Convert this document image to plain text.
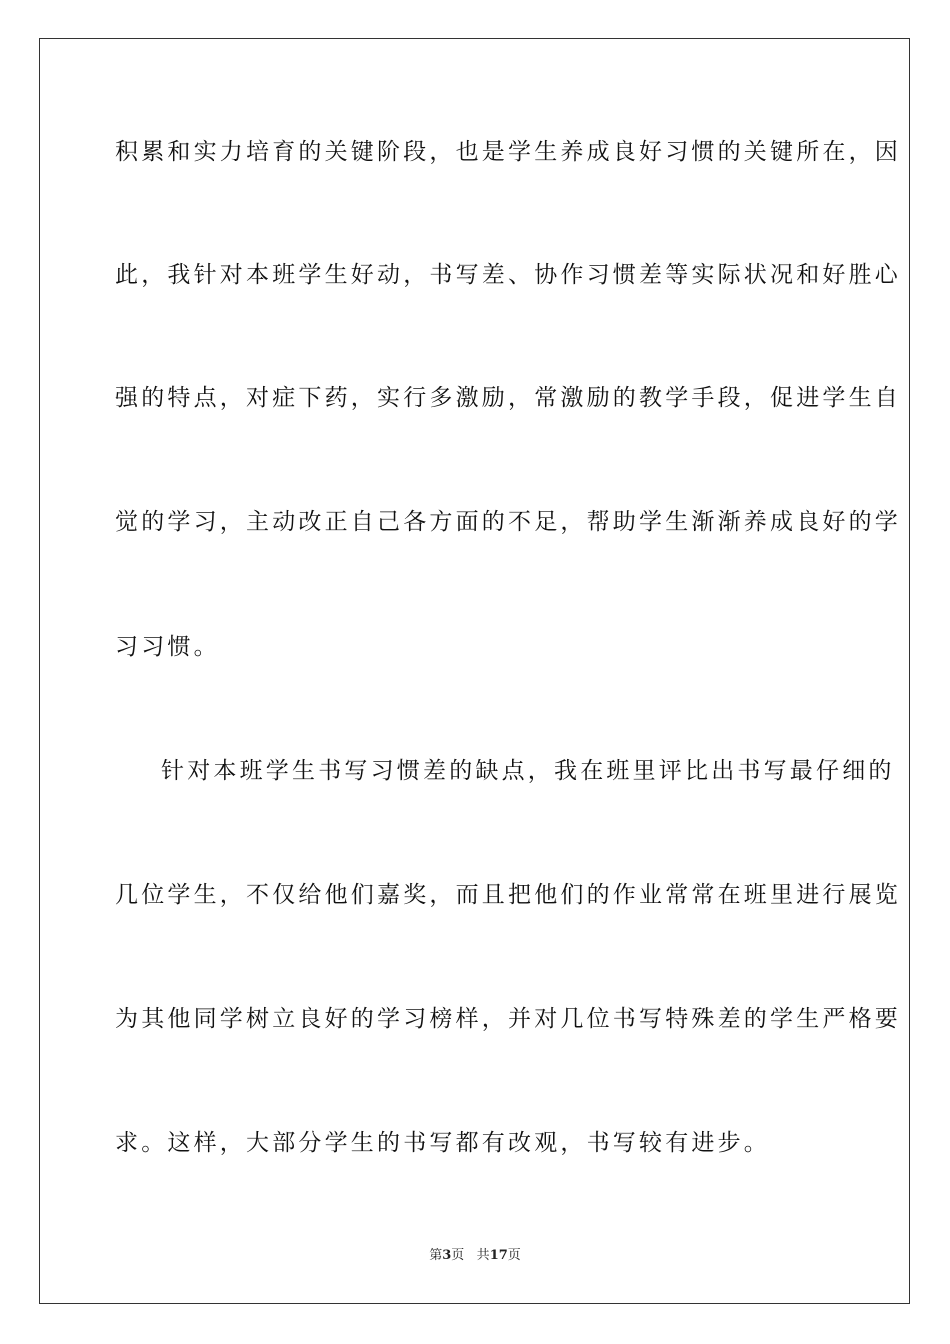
积累和实力培育的关键阶段，也是学生养成良好习惯的关键所在，因
此，我针对本班学生好动，书写差、协作习惯差等实际状况和好胜心
强的特点，对症下药，实行多激励，常激励的教学手段，促进学生自
觉的学习，主动改正自己各方面的不足，帮助学生渐渐养成良好的学
习习惯。
针对本班学生书写习惯差的缺点，我在班里评比出书写最仔细的
几位学生，不仅给他们嘉奖，而且把他们的作业常常在班里进行展览
为其他同学树立良好的学习榜样，并对几位书写特殊差的学生严格要
求。这样，大部分学生的书写都有改观，书写较有进步。
第3页 共17页
